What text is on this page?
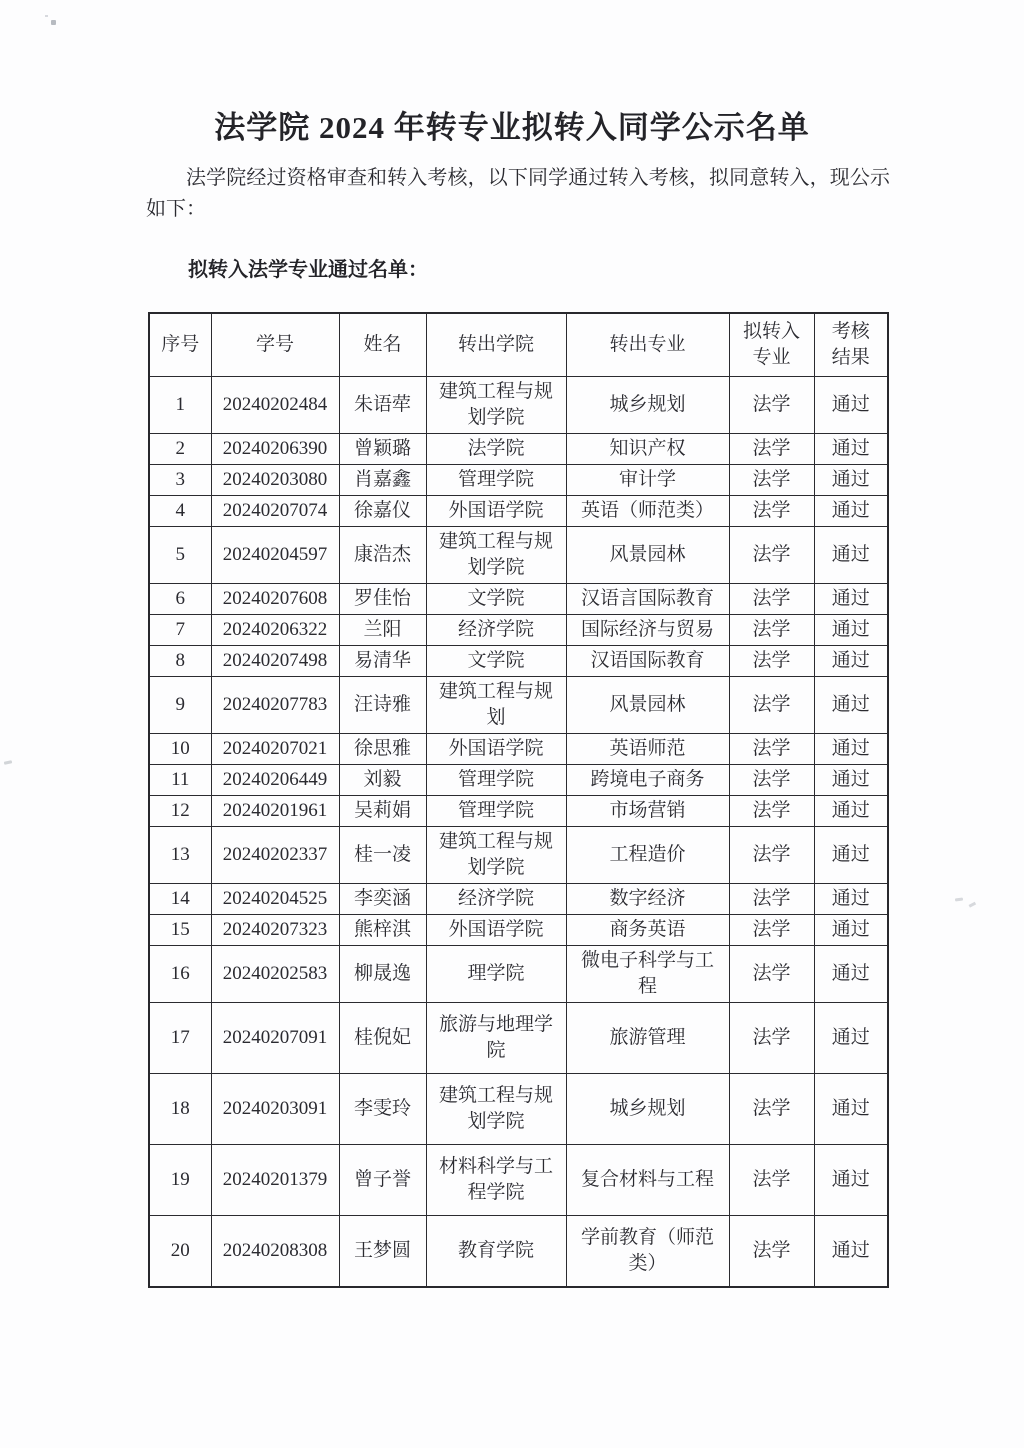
法学院 2024 年转专业拟转入同学公示名单

法学院经过资格审查和转入考核，以下同学通过转入考核，拟同意转入，现公示如下：

拟转入法学专业通过名单：

序号	学号	姓名	转出学院	转出专业	拟转入专业	考核结果
1	20240202484	朱语荦	建筑工程与规划学院	城乡规划	法学	通过
2	20240206390	曾颖璐	法学院	知识产权	法学	通过
3	20240203080	肖嘉鑫	管理学院	审计学	法学	通过
4	20240207074	徐嘉仪	外国语学院	英语（师范类）	法学	通过
5	20240204597	康浩杰	建筑工程与规划学院	风景园林	法学	通过
6	20240207608	罗佳怡	文学院	汉语言国际教育	法学	通过
7	20240206322	兰阳	经济学院	国际经济与贸易	法学	通过
8	20240207498	易清华	文学院	汉语国际教育	法学	通过
9	20240207783	汪诗雅	建筑工程与规划	风景园林	法学	通过
10	20240207021	徐思雅	外国语学院	英语师范	法学	通过
11	20240206449	刘毅	管理学院	跨境电子商务	法学	通过
12	20240201961	吴莉娟	管理学院	市场营销	法学	通过
13	20240202337	桂一凌	建筑工程与规划学院	工程造价	法学	通过
14	20240204525	李奕涵	经济学院	数字经济	法学	通过
15	20240207323	熊梓淇	外国语学院	商务英语	法学	通过
16	20240202583	柳晟逸	理学院	微电子科学与工程	法学	通过
17	20240207091	桂倪妃	旅游与地理学院	旅游管理	法学	通过
18	20240203091	李雯玲	建筑工程与规划学院	城乡规划	法学	通过
19	20240201379	曾子誉	材料科学与工程学院	复合材料与工程	法学	通过
20	20240208308	王梦圆	教育学院	学前教育（师范类）	法学	通过
